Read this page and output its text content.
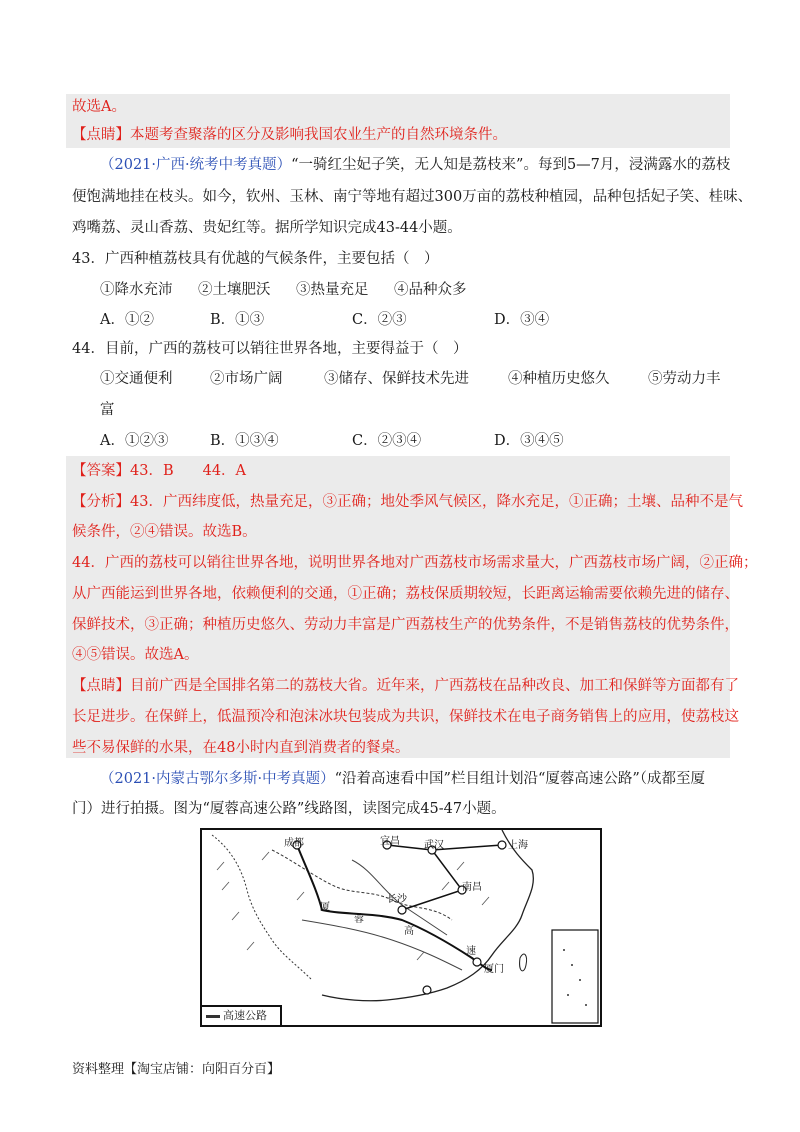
故选A。
【点睛】本题考查聚落的区分及影响我国农业生产的自然环境条件。
（2021·广西·统考中考真题）“一骑红尘妃子笑，无人知是荔枝来”。每到5—7月，浸满露水的荔枝
便饱满地挂在枝头。如今，钦州、玉林、南宁等地有超过300万亩的荔枝种植园，品种包括妃子笑、桂味、
鸡嘴荔、灵山香荔、贵妃红等。据所学知识完成43-44小题。
43．广西种植荔枝具有优越的气候条件，主要包括（　）
①降水充沛 ②土壤肥沃 ③热量充足 ④品种众多
A．①②	B．①③	C．②③	D．③④
44．目前，广西的荔枝可以销往世界各地，主要得益于（　）
①交通便利	②市场广阔	③储存、保鲜技术先进	④种植历史悠久	⑤劳动力丰
富
A．①②③	B．①③④	C．②③④	D．③④⑤
【答案】43．B　　44．A
【分析】43．广西纬度低，热量充足，③正确；地处季风气候区，降水充足，①正确；土壤、品种不是气
候条件，②④错误。故选B。
44．广西的荔枝可以销往世界各地，说明世界各地对广西荔枝市场需求量大，广西荔枝市场广阔，②正确；
从广西能运到世界各地，依赖便利的交通，①正确；荔枝保质期较短，长距离运输需要依赖先进的储存、
保鲜技术，③正确；种植历史悠久、劳动力丰富是广西荔枝生产的优势条件，不是销售荔枝的优势条件，
④⑤错误。故选A。
【点睛】目前广西是全国排名第二的荔枝大省。近年来，广西荔枝在品种改良、加工和保鲜等方面都有了
长足进步。在保鲜上，低温预冷和泡沫冰块包装成为共识，保鲜技术在电子商务销售上的应用，使荔枝这
些不易保鲜的水果，在48小时内直到消费者的餐桌。
（2021·内蒙古鄂尔多斯·中考真题）“沿着高速看中国”栏目组计划沿“厦蓉高速公路”（成都至厦
门）进行拍摄。图为“厦蓉高速公路”线路图，读图完成45-47小题。
成都	宜昌 武汉	上海
长沙
南昌
厦门
厦
蓉
高
速
高速公路
资料整理【淘宝店铺：向阳百分百】
